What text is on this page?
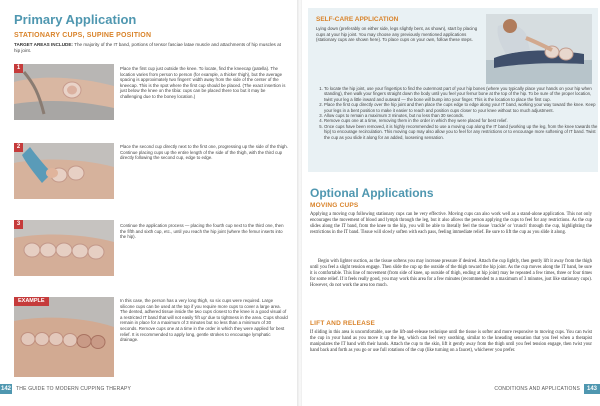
Primary Application
STATIONARY CUPS, SUPINE POSITION
TARGET AREAS INCLUDE: The majority of the IT band, portions of tensor fasciae latae muscle and attachments of hip muscles at hip joint.
1	Place the first cup just outside the knee. To locate, find the kneecap (patella). The location varies from person to person (for example, a thicker thigh), but the average spacing is approximately two fingers' width away from the side of the center of the kneecap. This is the spot where the first cup should be placed. (The exact insertion is just below the knee on the tibia: cups can be placed there too but it may be challenging due to the boney location.)
2	Place the second cup directly next to the first one, progressing up the side of the thigh. Continue placing cups up the entire length of the side of the thigh, with the third cup directly following the second cup, edge to edge.
3	Continue the application process — placing the fourth cup next to the third one, then the fifth and sixth cup, etc., until you reach the hip joint (where the femur inserts into the hip).
EXAMPLE	In this case, the person has a very long thigh, so six cups were required. Large silicone cups can be used at the top if you require more cups to cover a large area. The dented, adhered tissue inside the two cups closest to the knee is a good visual of a restricted IT band that will not easily 'lift up' due to tightness in the area. Cups should remain in place for a maximum of 3 minutes but no less than a minimum of 30 seconds. Remove cups one at a time in the order in which they were applied for best relief. It is recommended to apply long, gentle strokes to encourage lymphatic drainage.
142 THE GUIDE TO MODERN CUPPING THERAPY
SELF-CARE APPLICATION
Lying down (preferably on either side, legs slightly bent, as shown), start by placing cups at your hip joint. You may choose any previously mentioned applications (stationary cups are shown here). To place cups on your own, follow these steps.
1. To locate the hip joint, use your fingertips to find the outermost part of your hip bones (where you typically place your hands on your hip when standing), then walk your fingers straight down the body until you feel your femur bone at the top of the hip. To be sure of the proper location, twist your leg a little inward and outward — the bone will bump into your finger. This is the location to place the first cup.
2. Place the first cup directly over the hip joint and then place the cups edge to edge along your IT band, working your way toward the knee. Keep your legs in a bent position to make it easier to reach and position cups closer to your knee without too much adjustment.
3. Allow cups to remain a maximum 3 minutes, but no less than 30 seconds.
4. Remove cups one at a time, removing them in the order in which they were placed for best relief.
5. Once cups have been removed, it is highly recommended to use a moving cup along the IT band (working up the leg, from the knee towards the hip) to encourage recirculation. This moving cup may also allow you to feel for any restrictions or to encourage more softening of IT band. Twist the cup as you slide it along for an added, loosening sensation.
Optional Applications
MOVING CUPS

Applying a moving cup following stationary cups can be very effective. Moving cups can also work well as a stand-alone application. This not only encourages the movement of blood and lymph through the leg, but it also allows the person applying the cups to feel for any restrictions. As the cup slides along the IT band, from the knee to the hip, you will be able to literally feel the tissue 'crackle' or 'crunch' through the cup, highlighting the restrictions in the IT band. Tissue will slowly soften with each pass, feeling immediate relief. Be sure to lift the cup as you slide it along.

Begin with lighter suction, as the tissue softens you may increase pressure if desired. Attach the cup lightly, then gently lift it away from the thigh until you feel a slight tension engage. Then slide the cup up the outside of the thigh toward the hip joint. As the cup moves along the IT band, be sure it is comfortable. This line of movement (from side of knee, up outside of thigh, ending at hip joint) may be repeated a few times, three or four times for some relief. If it feels really good, you may work this area for a few minutes (recommended to a maximum of 3 minutes, just like stationary cups). However, do not work the area too much.

LIFT AND RELEASE

If sliding in this area is uncomfortable, use the lift-and-release technique until the tissue is softer and more responsive to moving cups. You can twist the cup in your hand as you move it up the leg, which can feel very soothing, similar to the kneading sensation that you feel when a therapist manipulates the IT band with their hands. Attach the cup to the skin, lift it gently away from the thigh until you feel tension engage, then twist your hand back and forth as you go or use full rotations of the cup (like turning on a faucet), whichever you prefer.

CONDITIONS AND APPLICATIONS	143
